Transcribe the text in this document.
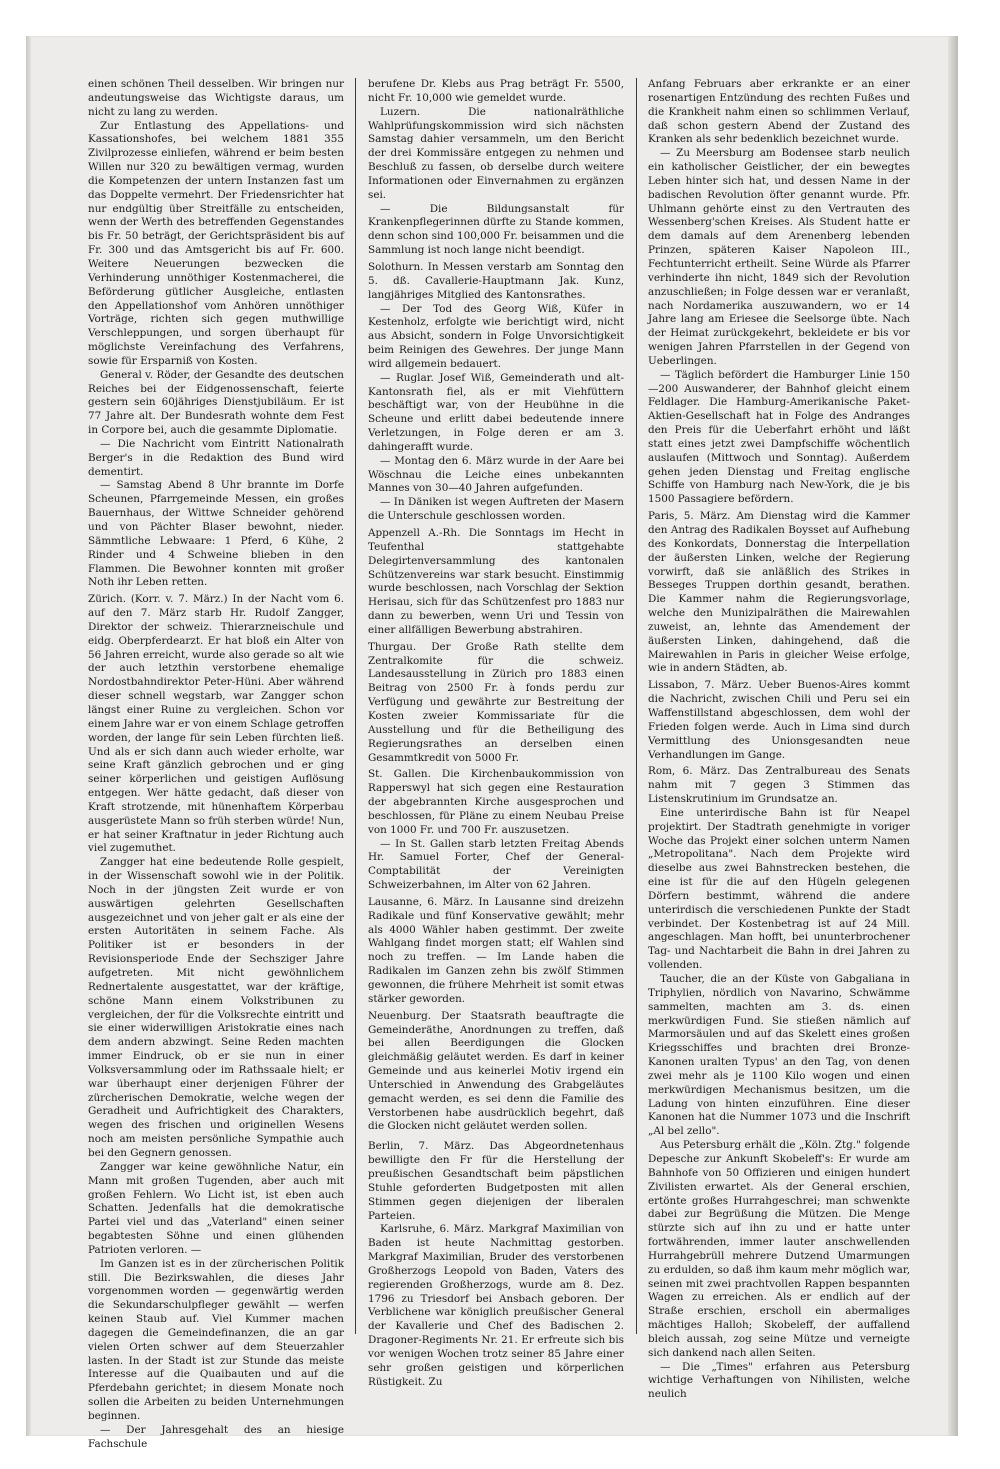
einen schönen Theil desselben. Wir bringen nur andeutungsweise das Wichtigste daraus, um nicht zu lang zu werden.

Zur Entlastung des Appellations- und Kassationshofes, bei welchem 1881 355 Zivilprozesse einliefen, während er beim besten Willen nur 320 zu bewältigen vermag, wurden die Kompetenzen der untern Instanzen fast um das Doppelte vermehrt. Der Friedensrichter hat nur endgültig über Streitfälle zu entscheiden, wenn der Werth des betreffenden Gegenstandes bis Fr. 50 beträgt, der Gerichtspräsident bis auf Fr. 300 und das Amtsgericht bis auf Fr. 600. Weitere Neuerungen bezwecken die Verhinderung unnöthiger Kostenmacherei, die Beförderung gütlicher Ausgleiche, entlasten den Appellationshof vom Anhören unnöthiger Vorträge, richten sich gegen muthwillige Verschleppungen, und sorgen überhaupt für möglichste Vereinfachung des Verfahrens, sowie für Ersparniß von Kosten.

General v. Röder, der Gesandte des deutschen Reiches bei der Eidgenossenschaft, feierte gestern sein 60jähriges Dienstjubiläum. Er ist 77 Jahre alt. Der Bundesrath wohnte dem Fest in Corpore bei, auch die gesammte Diplomatie.

— Die Nachricht vom Eintritt Nationalrath Berger's in die Redaktion des Bund wird dementirt.

— Samstag Abend 8 Uhr brannte im Dorfe Scheunen, Pfarrgemeinde Messen, ein großes Bauernhaus, der Wittwe Schneider gehörend und von Pächter Blaser bewohnt, nieder. Sämmtliche Lebwaare: 1 Pferd, 6 Kühe, 2 Rinder und 4 Schweine blieben in den Flammen. Die Bewohner konnten mit großer Noth ihr Leben retten.

Zürich. (Korr. v. 7. März.) In der Nacht vom 6. auf den 7. März starb Hr. Rudolf Zangger, Direktor der schweiz. Thierarzneischule und eidg. Oberpferdearzt. Er hat bloß ein Alter von 56 Jahren erreicht, wurde also gerade so alt wie der auch letzthin verstorbene ehemalige Nordostbahndirektor Peter-Hüni. Aber während dieser schnell wegstarb, war Zangger schon längst einer Ruine zu vergleichen. Schon vor einem Jahre war er von einem Schlage getroffen worden, der lange für sein Leben fürchten ließ. Und als er sich dann auch wieder erholte, war seine Kraft gänzlich gebrochen und er ging seiner körperlichen und geistigen Auflösung entgegen. Wer hätte gedacht, daß dieser von Kraft strotzende, mit hünenhaftem Körperbau ausgerüstete Mann so früh sterben würde! Nun, er hat seiner Kraftnatur in jeder Richtung auch viel zugemuthet.

Zangger hat eine bedeutende Rolle gespielt, in der Wissenschaft sowohl wie in der Politik. Noch in der jüngsten Zeit wurde er von auswärtigen gelehrten Gesellschaften ausgezeichnet und von jeher galt er als eine der ersten Autoritäten in seinem Fache. Als Politiker ist er besonders in der Revisionsperiode Ende der Sechsziger Jahre aufgetreten. Mit nicht gewöhnlichem Rednertalente ausgestattet, war der kräftige, schöne Mann einem Volkstribunen zu vergleichen, der für die Volksrechte eintritt und sie einer widerwilligen Aristokratie eines nach dem andern abzwingt. Seine Reden machten immer Eindruck, ob er sie nun in einer Volksversammlung oder im Rathssaale hielt; er war überhaupt einer derjenigen Führer der zürcherischen Demokratie, welche wegen der Geradheit und Aufrichtigkeit des Charakters, wegen des frischen und originellen Wesens noch am meisten persönliche Sympathie auch bei den Gegnern genossen.

Zangger war keine gewöhnliche Natur, ein Mann mit großen Tugenden, aber auch mit großen Fehlern. Wo Licht ist, ist eben auch Schatten. Jedenfalls hat die demokratische Partei viel und das „Vaterland" einen seiner begabtesten Söhne und einen glühenden Patrioten verloren. —

Im Ganzen ist es in der zürcherischen Politik still. Die Bezirkswahlen, die dieses Jahr vorgenommen worden — gegenwärtig werden die Sekundarschulpfleger gewählt — werfen keinen Staub auf. Viel Kummer machen dagegen die Gemeindefinanzen, die an gar vielen Orten schwer auf dem Steuerzahler lasten. In der Stadt ist zur Stunde das meiste Interesse auf die Quaibauten und auf die Pferdebahn gerichtet; in diesem Monate noch sollen die Arbeiten zu beiden Unternehmungen beginnen.

— Der Jahresgehalt des an hiesige Fachschule

berufene Dr. Klebs aus Prag beträgt Fr. 5500, nicht Fr. 10,000 wie gemeldet wurde.

Luzern. Die nationalräthliche Wahlprüfungskommission wird sich nächsten Samstag dahier versammeln, um den Bericht der drei Kommissäre entgegen zu nehmen und Beschluß zu fassen, ob derselbe durch weitere Informationen oder Einvernahmen zu ergänzen sei.

— Die Bildungsanstalt für Krankenpflegerinnen dürfte zu Stande kommen, denn schon sind 100,000 Fr. beisammen und die Sammlung ist noch lange nicht beendigt.

Solothurn. In Messen verstarb am Sonntag den 5. dß. Cavallerie-Hauptmann Jak. Kunz, langjähriges Mitglied des Kantonsrathes.

— Der Tod des Georg Wiß, Küfer in Kestenholz, erfolgte wie berichtigt wird, nicht aus Absicht, sondern in Folge Unvorsichtigkeit beim Reinigen des Gewehres. Der junge Mann wird allgemein bedauert.

— Ruglar. Josef Wiß, Gemeinderath und alt-Kantonsrath fiel, als er mit Viehfüttern beschäftigt war, von der Heubühne in die Scheune und erlitt dabei bedeutende innere Verletzungen, in Folge deren er am 3. dahingerafft wurde.

— Montag den 6. März wurde in der Aare bei Wöschnau die Leiche eines unbekannten Mannes von 30—40 Jahren aufgefunden.

— In Däniken ist wegen Auftreten der Masern die Unterschule geschlossen worden.

Appenzell A.-Rh. Die Sonntags im Hecht in Teufenthal stattgehabte Delegirtenversammlung des kantonalen Schützenvereins war stark besucht. Einstimmig wurde beschlossen, nach Vorschlag der Sektion Herisau, sich für das Schützenfest pro 1883 nur dann zu bewerben, wenn Uri und Tessin von einer allfälligen Bewerbung abstrahiren.

Thurgau. Der Große Rath stellte dem Zentralkomite für die schweiz. Landesausstellung in Zürich pro 1883 einen Beitrag von 2500 Fr. à fonds perdu zur Verfügung und gewährte zur Bestreitung der Kosten zweier Kommissariate für die Ausstellung und für die Betheiligung des Regierungsrathes an derselben einen Gesammtkredit von 5000 Fr.

St. Gallen. Die Kirchenbaukommission von Rapperswyl hat sich gegen eine Restauration der abgebrannten Kirche ausgesprochen und beschlossen, für Pläne zu einem Neubau Preise von 1000 Fr. und 700 Fr. auszusetzen.

— In St. Gallen starb letzten Freitag Abends Hr. Samuel Forter, Chef der General-Comptabilität der Vereinigten Schweizerbahnen, im Alter von 62 Jahren.

Lausanne, 6. März. In Lausanne sind dreizehn Radikale und fünf Konservative gewählt; mehr als 4000 Wähler haben gestimmt. Der zweite Wahlgang findet morgen statt; elf Wahlen sind noch zu treffen. — Im Lande haben die Radikalen im Ganzen zehn bis zwölf Stimmen gewonnen, die frühere Mehrheit ist somit etwas stärker geworden.

Neuenburg. Der Staatsrath beauftragte die Gemeinderäthe, Anordnungen zu treffen, daß bei allen Beerdigungen die Glocken gleichmäßig geläutet werden. Es darf in keiner Gemeinde und aus keinerlei Motiv irgend ein Unterschied in Anwendung des Grabgeläutes gemacht werden, es sei denn die Familie des Verstorbenen habe ausdrücklich begehrt, daß die Glocken nicht geläutet werden sollen.

Berlin, 7. März. Das Abgeordnetenhaus bewilligte den Fr für die Herstellung der preußischen Gesandtschaft beim päpstlichen Stuhle geforderten Budgetposten mit allen Stimmen gegen diejenigen der liberalen Parteien.

Karlsruhe, 6. März. Markgraf Maximilian von Baden ist heute Nachmittag gestorben. Markgraf Maximilian, Bruder des verstorbenen Großherzogs Leopold von Baden, Vaters des regierenden Großherzogs, wurde am 8. Dez. 1796 zu Triesdorf bei Ansbach geboren. Der Verblichene war königlich preußischer General der Kavallerie und Chef des Badischen 2. Dragoner-Regiments Nr. 21. Er erfreute sich bis vor wenigen Wochen trotz seiner 85 Jahre einer sehr großen geistigen und körperlichen Rüstigkeit. Zu

Anfang Februars aber erkrankte er an einer rosenartigen Entzündung des rechten Fußes und die Krankheit nahm einen so schlimmen Verlauf, daß schon gestern Abend der Zustand des Kranken als sehr bedenklich bezeichnet wurde.

— Zu Meersburg am Bodensee starb neulich ein katholischer Geistlicher, der ein bewegtes Leben hinter sich hat, und dessen Name in der badischen Revolution öfter genannt wurde. Pfr. Uhlmann gehörte einst zu den Vertrauten des Wessenberg'schen Kreises. Als Student hatte er dem damals auf dem Arenenberg lebenden Prinzen, späteren Kaiser Napoleon III., Fechtunterricht ertheilt. Seine Würde als Pfarrer verhinderte ihn nicht, 1849 sich der Revolution anzuschließen; in Folge dessen war er veranlaßt, nach Nordamerika auszuwandern, wo er 14 Jahre lang am Eriesee die Seelsorge übte. Nach der Heimat zurückgekehrt, bekleidete er bis vor wenigen Jahren Pfarrstellen in der Gegend von Ueberlingen.

— Täglich befördert die Hamburger Linie 150—200 Auswanderer, der Bahnhof gleicht einem Feldlager. Die Hamburg-Amerikanische Paket-Aktien-Gesellschaft hat in Folge des Andranges den Preis für die Ueberfahrt erhöht und läßt statt eines jetzt zwei Dampfschiffe wöchentlich auslaufen (Mittwoch und Sonntag). Außerdem gehen jeden Dienstag und Freitag englische Schiffe von Hamburg nach New-York, die je bis 1500 Passagiere befördern.

Paris, 5. März. Am Dienstag wird die Kammer den Antrag des Radikalen Boysset auf Aufhebung des Konkordats, Donnerstag die Interpellation der äußersten Linken, welche der Regierung vorwirft, daß sie anläßlich des Strikes in Besseges Truppen dorthin gesandt, berathen. Die Kammer nahm die Regierungsvorlage, welche den Munizipalräthen die Mairewahlen zuweist, an, lehnte das Amendement der äußersten Linken, dahingehend, daß die Mairewahlen in Paris in gleicher Weise erfolge, wie in andern Städten, ab.

Lissabon, 7. März. Ueber Buenos-Aires kommt die Nachricht, zwischen Chili und Peru sei ein Waffenstillstand abgeschlossen, dem wohl der Frieden folgen werde. Auch in Lima sind durch Vermittlung des Unionsgesandten neue Verhandlungen im Gange.

Rom, 6. März. Das Zentralbureau des Senats nahm mit 7 gegen 3 Stimmen das Listenskrutinium im Grundsatze an.

Eine unterirdische Bahn ist für Neapel projektirt. Der Stadtrath genehmigte in voriger Woche das Projekt einer solchen unterm Namen „Metropolitana". Nach dem Projekte wird dieselbe aus zwei Bahnstrecken bestehen, die eine ist für die auf den Hügeln gelegenen Dörfern bestimmt, während die andere unterirdisch die verschiedenen Punkte der Stadt verbindet. Der Kostenbetrag ist auf 24 Mill. angeschlagen. Man hofft, bei ununterbrochener Tag- und Nachtarbeit die Bahn in drei Jahren zu vollenden.

Taucher, die an der Küste von Gabgaliana in Triphylien, nördlich von Navarino, Schwämme sammelten, machten am 3. ds. einen merkwürdigen Fund. Sie stießen nämlich auf Marmorsäulen und auf das Skelett eines großen Kriegsschiffes und brachten drei Bronze-Kanonen uralten Typus' an den Tag, von denen zwei mehr als je 1100 Kilo wogen und einen merkwürdigen Mechanismus besitzen, um die Ladung von hinten einzuführen. Eine dieser Kanonen hat die Nummer 1073 und die Inschrift „Al bel zello".

Aus Petersburg erhält die „Köln. Ztg." folgende Depesche zur Ankunft Skobeleff's: Er wurde am Bahnhofe von 50 Offizieren und einigen hundert Zivilisten erwartet. Als der General erschien, ertönte großes Hurrahgeschrei; man schwenkte dabei zur Begrüßung die Mützen. Die Menge stürzte sich auf ihn zu und er hatte unter fortwährenden, immer lauter anschwellenden Hurrahgebrüll mehrere Dutzend Umarmungen zu erdulden, so daß ihm kaum mehr möglich war, seinen mit zwei prachtvollen Rappen bespannten Wagen zu erreichen. Als er endlich auf der Straße erschien, erscholl ein abermaliges mächtiges Halloh; Skobeleff, der auffallend bleich aussah, zog seine Mütze und verneigte sich dankend nach allen Seiten.

— Die „Times" erfahren aus Petersburg wichtige Verhaftungen von Nihilisten, welche neulich
